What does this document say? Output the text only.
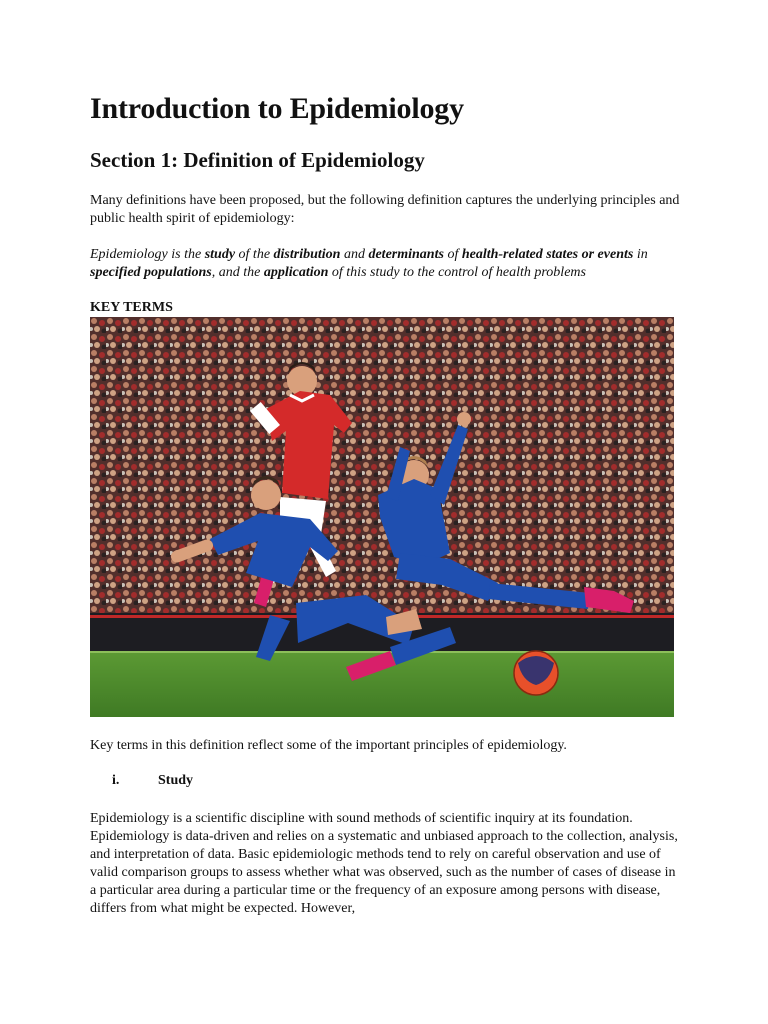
Introduction to Epidemiology
Section 1: Definition of Epidemiology

Many definitions have been proposed, but the following definition captures the underlying principles and public health spirit of epidemiology:

Epidemiology is the study of the distribution and determinants of health-related states or events in specified populations, and the application of this study to the control of health problems

KEY TERMS

Key terms in this definition reflect some of the important principles of epidemiology.

i.	Study

Epidemiology is a scientific discipline with sound methods of scientific inquiry at its foundation. Epidemiology is data-driven and relies on a systematic and unbiased approach to the collection, analysis, and interpretation of data. Basic epidemiologic methods tend to rely on careful observation and use of valid comparison groups to assess whether what was observed, such as the number of cases of disease in a particular area during a particular time or the frequency of an exposure among persons with disease, differs from what might be expected. However,
